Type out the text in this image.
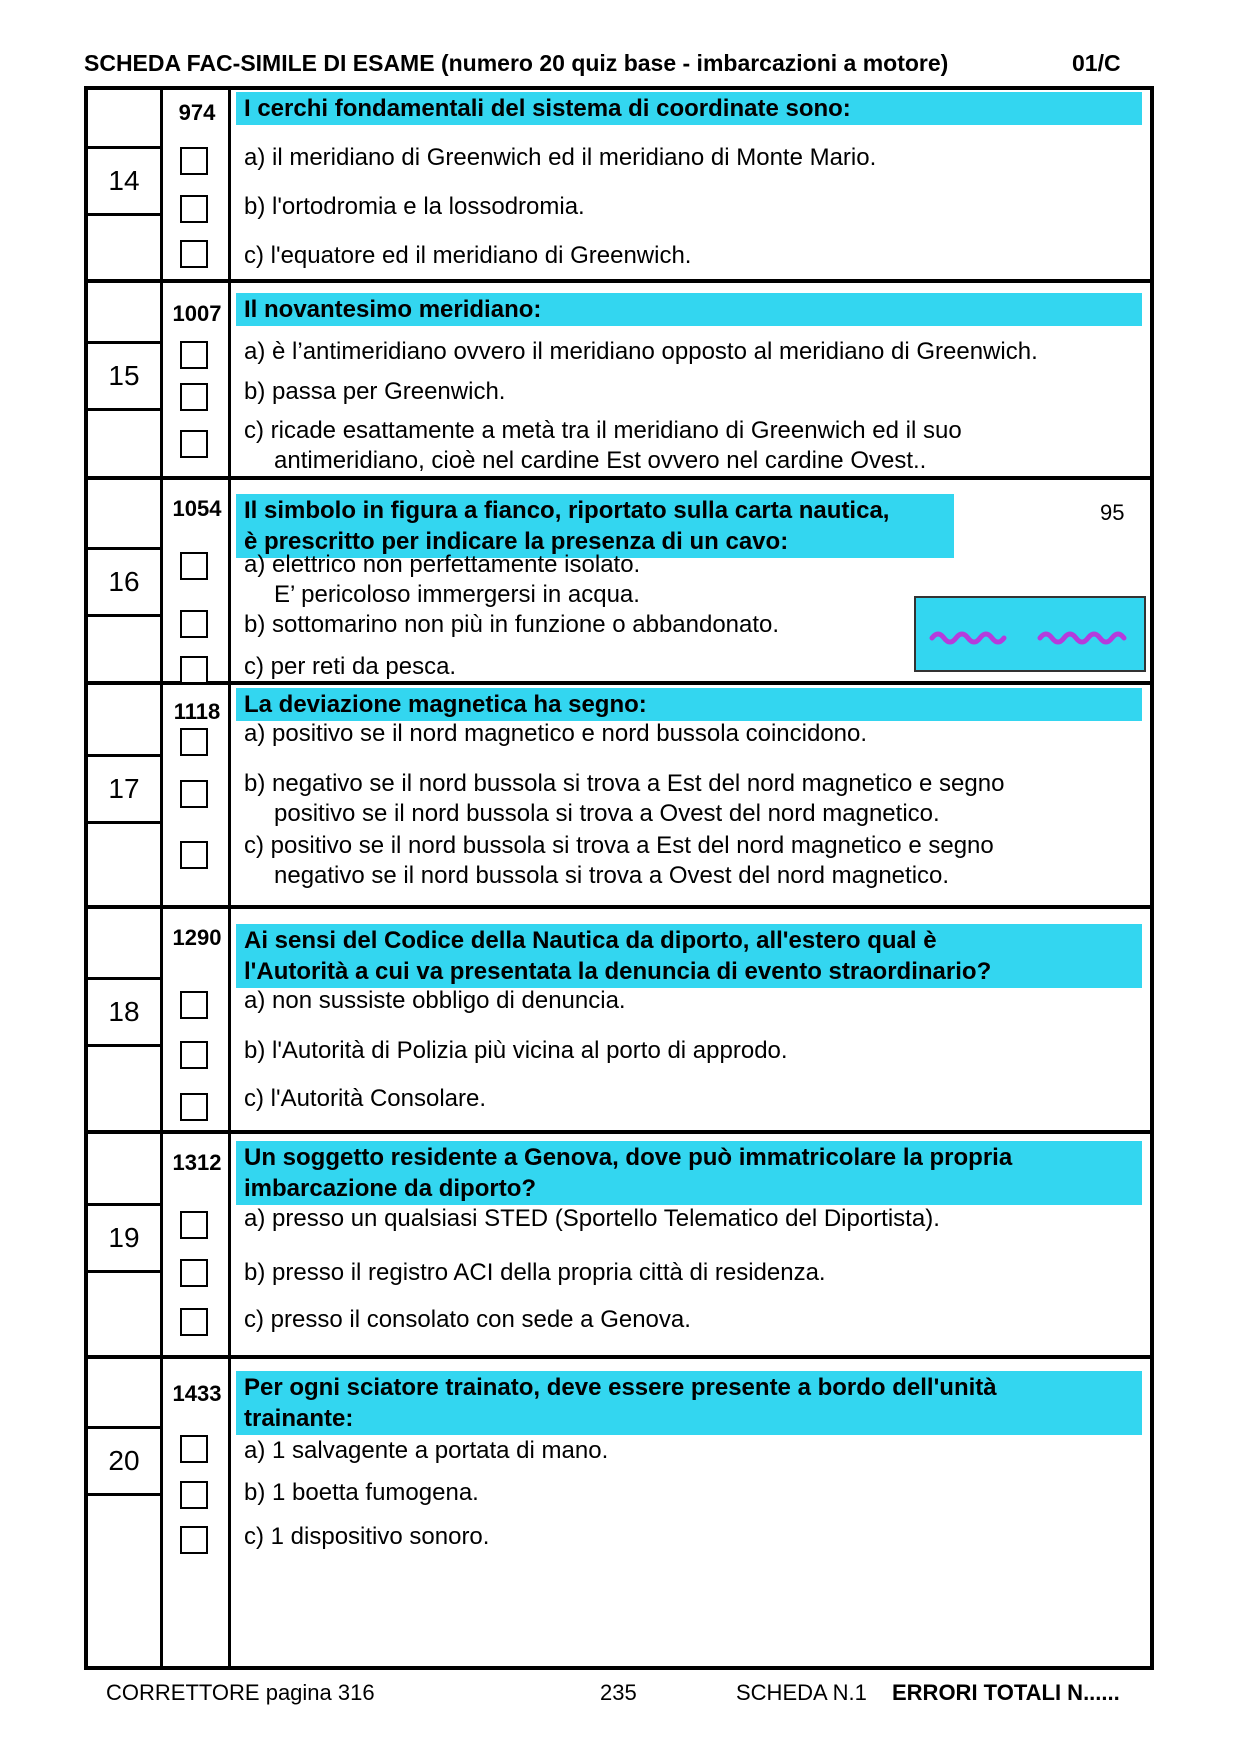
SCHEDA FAC-SIMILE DI ESAME (numero 20 quiz base - imbarcazioni a motore)	01/C
14
974	I cerchi fondamentali del sistema di coordinate sono:
a) il meridiano di Greenwich ed il meridiano di Monte Mario.
b) l'ortodromia e la lossodromia.
c) l'equatore ed il meridiano di Greenwich.
15
1007 Il novantesimo meridiano:
a) è l’antimeridiano ovvero il meridiano opposto al meridiano di Greenwich.
b) passa per Greenwich.
c) ricade esattamente a metà tra il meridiano di Greenwich ed il suo
antimeridiano, cioè nel cardine Est ovvero nel cardine Ovest..
16
1054 Il simbolo in figura a fianco, riportato sulla carta nautica,
è prescritto per indicare la presenza di un cavo:
95
a) elettrico non perfettamente isolato.
E’ pericoloso immergersi in acqua.
b) sottomarino non più in funzione o abbandonato.
c) per reti da pesca.
17
1118 La deviazione magnetica ha segno:
a) positivo se il nord magnetico e nord bussola coincidono.
b) negativo se il nord bussola si trova a Est del nord magnetico e segno
positivo se il nord bussola si trova a Ovest del nord magnetico.
c) positivo se il nord bussola si trova a Est del nord magnetico e segno
negativo se il nord bussola si trova a Ovest del nord magnetico.
18
1290 Ai sensi del Codice della Nautica da diporto, all'estero qual è
l'Autorità a cui va presentata la denuncia di evento straordinario?
a) non sussiste obbligo di denuncia.
b) l'Autorità di Polizia più vicina al porto di approdo.
c) l'Autorità Consolare.
19
1312 Un soggetto residente a Genova, dove può immatricolare la propria
imbarcazione da diporto?
a) presso un qualsiasi STED (Sportello Telematico del Diportista).
b) presso il registro ACI della propria città di residenza.
c) presso il consolato con sede a Genova.
20
1433 Per ogni sciatore trainato, deve essere presente a bordo dell'unità
trainante:
a) 1 salvagente a portata di mano.
b) 1 boetta fumogena.
c) 1 dispositivo sonoro.
CORRETTORE pagina 316	235	SCHEDA N.1 ERRORI TOTALI N......
